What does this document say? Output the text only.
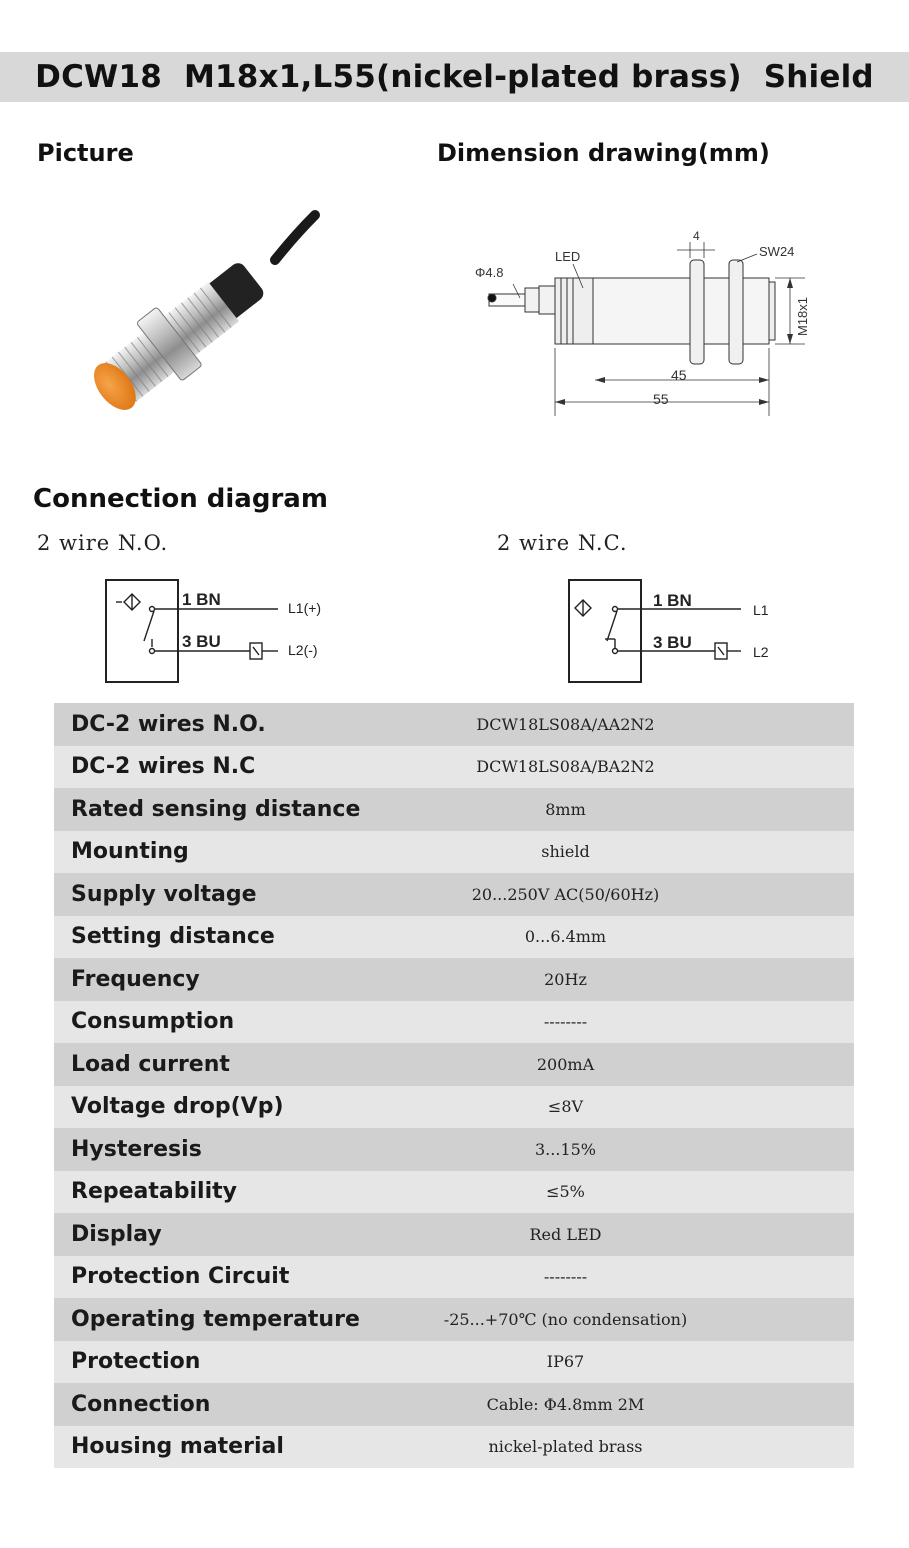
DCW18  M18x1,L55(nickel-plated brass)  Shield
Picture	Dimension drawing(mm)
Connection diagram
Φ4.8
LED
4
SW24
M18x1
45
55
2 wire N.O.	2 wire N.C.
1 BN
3 BU
L1(+)
L2(-)
1 BN
3 BU
L1
L2
DC-2 wires N.O.	DCW18LS08A/AA2N2
DC-2 wires N.C	DCW18LS08A/BA2N2
Rated sensing distance	8mm
Mounting	shield
Supply voltage	20...250V AC(50/60Hz)
Setting distance	0...6.4mm
Frequency	20Hz
Consumption	--------
Load current	200mA
Voltage drop(Vp)	≤8V
Hysteresis	3...15%
Repeatability	≤5%
Display	Red LED
Protection Circuit	--------
Operating temperature	-25...+70℃ (no condensation)
Protection	IP67
Connection	Cable: Φ4.8mm 2M
Housing material	nickel-plated brass
